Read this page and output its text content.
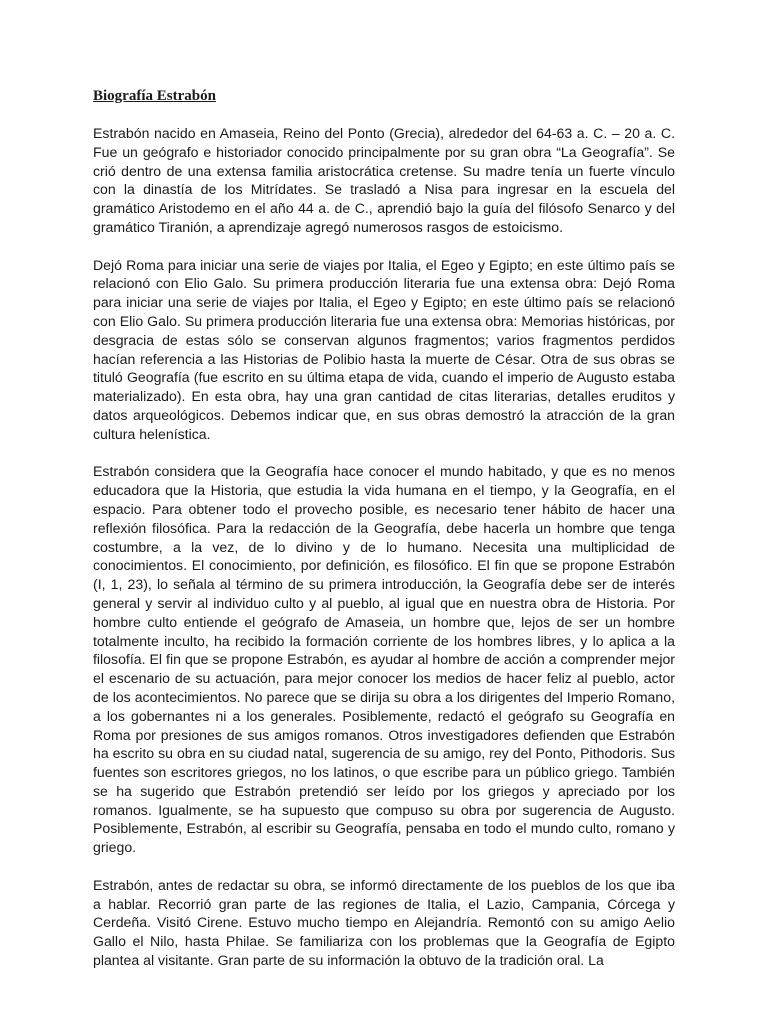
Biografía Estrabón

Estrabón nacido en Amaseia, Reino del Ponto (Grecia), alrededor del 64-63 a. C. – 20 a. C. Fue un geógrafo e historiador conocido principalmente por su gran obra “La Geografía”. Se crió dentro de una extensa familia aristocrática cretense. Su madre tenía un fuerte vínculo con la dinastía de los Mitrídates. Se trasladó a Nisa para ingresar en la escuela del gramático Aristodemo en el año 44 a. de C., aprendió bajo la guía del filósofo Senarco y del gramático Tiranión, a aprendizaje agregó numerosos rasgos de estoicismo.

Dejó Roma para iniciar una serie de viajes por Italia, el Egeo y Egipto; en este último país se relacionó con Elio Galo. Su primera producción literaria fue una extensa obra: Dejó Roma para iniciar una serie de viajes por Italia, el Egeo y Egipto; en este último país se relacionó con Elio Galo. Su primera producción literaria fue una extensa obra: Memorias históricas, por desgracia de estas sólo se conservan algunos fragmentos; varios fragmentos perdidos hacían referencia a las Historias de Polibio hasta la muerte de César. Otra de sus obras se tituló Geografía (fue escrito en su última etapa de vida, cuando el imperio de Augusto estaba materializado). En esta obra, hay una gran cantidad de citas literarias, detalles eruditos y datos arqueológicos. Debemos indicar que, en sus obras demostró la atracción de la gran cultura helenística.

Estrabón considera que la Geografía hace conocer el mundo habitado, y que es no menos educadora que la Historia, que estudia la vida humana en el tiempo, y la Geografía, en el espacio. Para obtener todo el provecho posible, es necesario tener hábito de hacer una reflexión filosófica. Para la redacción de la Geografía, debe hacerla un hombre que tenga costumbre, a la vez, de lo divino y de lo humano. Necesita una multiplicidad de conocimientos. El conocimiento, por definición, es filosófico. El fin que se propone Estrabón (I, 1, 23), lo señala al término de su primera introducción, la Geografía debe ser de interés general y servir al individuo culto y al pueblo, al igual que en nuestra obra de Historia. Por hombre culto entiende el geógrafo de Amaseia, un hombre que, lejos de ser un hombre totalmente inculto, ha recibido la formación corriente de los hombres libres, y lo aplica a la filosofía. El fin que se propone Estrabón, es ayudar al hombre de acción a comprender mejor el escenario de su actuación, para mejor conocer los medios de hacer feliz al pueblo, actor de los acontecimientos. No parece que se dirija su obra a los dirigentes del Imperio Romano, a los gobernantes ni a los generales. Posiblemente, redactó el geógrafo su Geografía en Roma por presiones de sus amigos romanos. Otros investigadores defienden que Estrabón ha escrito su obra en su ciudad natal, sugerencia de su amigo, rey del Ponto, Pithodoris. Sus fuentes son escritores griegos, no los latinos, o que escribe para un público griego. También se ha sugerido que Estrabón pretendió ser leído por los griegos y apreciado por los romanos. Igualmente, se ha supuesto que compuso su obra por sugerencia de Augusto. Posiblemente, Estrabón, al escribir su Geografía, pensaba en todo el mundo culto, romano y griego.

Estrabón, antes de redactar su obra, se informó directamente de los pueblos de los que iba a hablar. Recorrió gran parte de las regiones de Italia, el Lazio, Campania, Córcega y Cerdeña. Visitó Cirene. Estuvo mucho tiempo en Alejandría. Remontó con su amigo Aelio Gallo el Nilo, hasta Philae. Se familiariza con los problemas que la Geografía de Egipto plantea al visitante. Gran parte de su información la obtuvo de la tradición oral. La
